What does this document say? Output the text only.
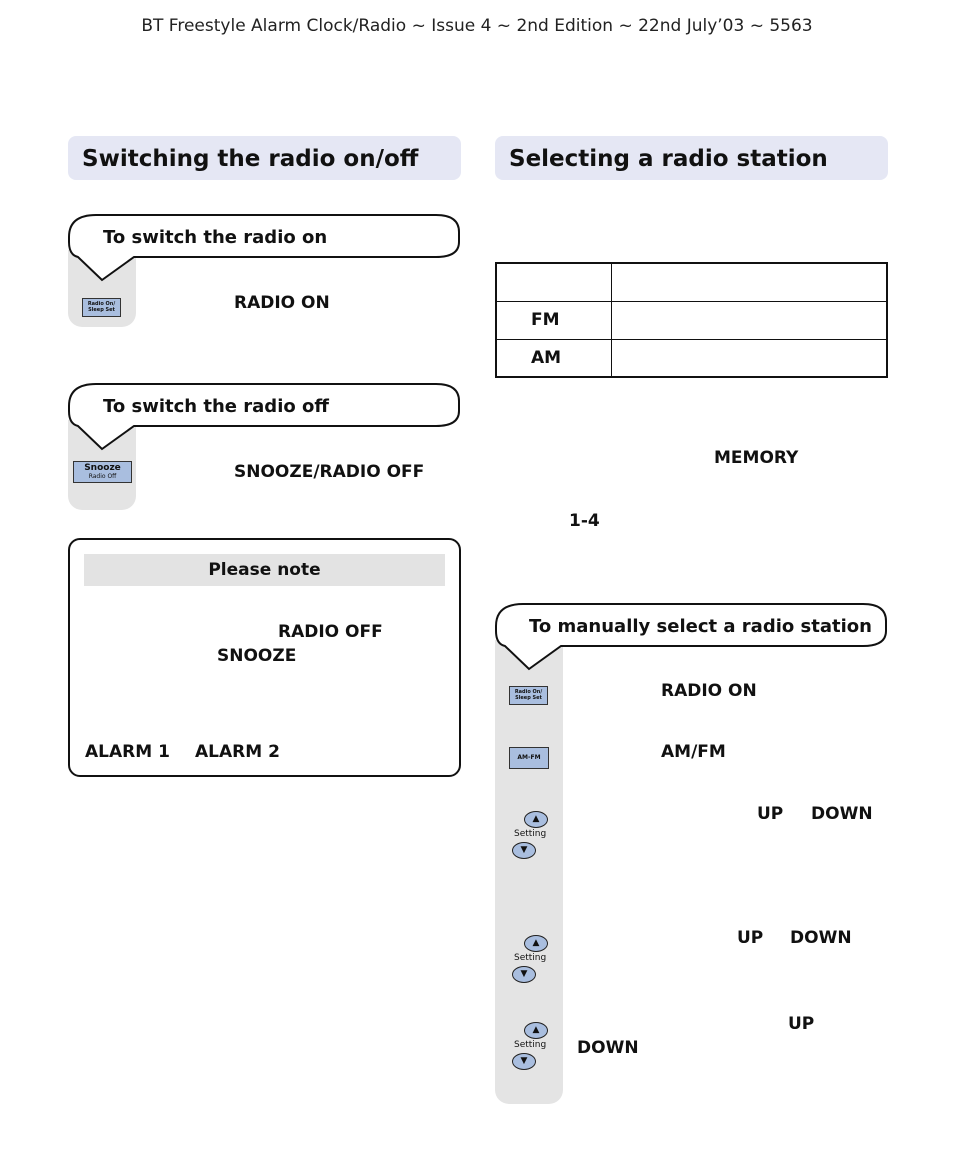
BT Freestyle Alarm Clock/Radio ~ Issue 4 ~ 2nd Edition ~ 22nd July’03 ~ 5563
Switching the radio on/off
To switch the radio on
Radio On/
Sleep Set	RADIO ON
To switch the radio off
Snooze
Radio Off	SNOOZE/RADIO OFF
Please note
RADIO OFF
SNOOZE
ALARM 1 ALARM 2
Selecting a radio station

FM	
AM	
MEMORY
1-4
To manually select a radio station
Radio On/
Sleep Set	RADIO ON
AM-FM	AM/FM
▲
Setting
▼
UP DOWN
▲
Setting
▼
UP DOWN
▲
Setting
▼
UP
DOWN
